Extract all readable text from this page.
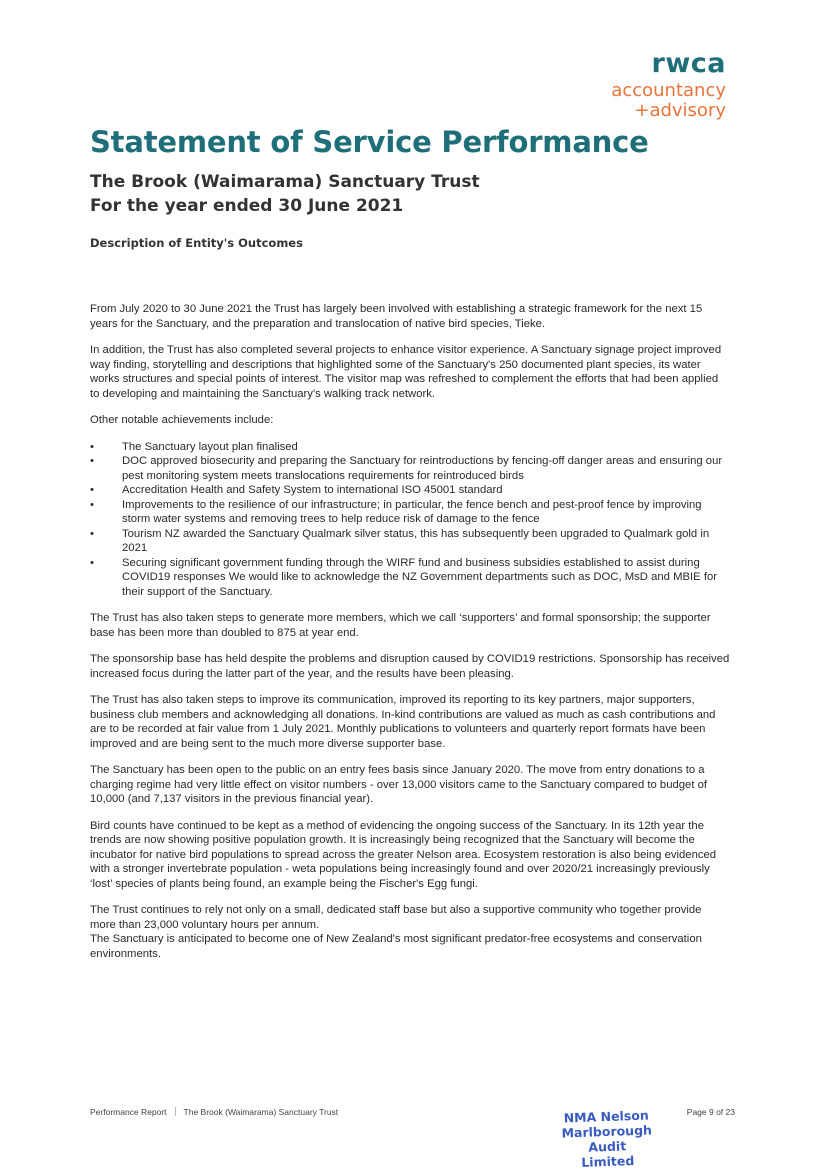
rwca
accountancy
+advisory
Statement of Service Performance
The Brook (Waimarama) Sanctuary Trust
For the year ended 30 June 2021
Description of Entity's Outcomes

From July 2020 to 30 June 2021 the Trust has largely been involved with establishing a strategic framework for the next 15 years for the Sanctuary, and the preparation and translocation of native bird species, Tieke.

In addition, the Trust has also completed several projects to enhance visitor experience. A Sanctuary signage project improved way finding, storytelling and descriptions that highlighted some of the Sanctuary's 250 documented plant species, its water works structures and special points of interest. The visitor map was refreshed to complement the efforts that had been applied to developing and maintaining the Sanctuary's walking track network.

Other notable achievements include:

• The Sanctuary layout plan finalised
• DOC approved biosecurity and preparing the Sanctuary for reintroductions by fencing-off danger areas and ensuring our pest monitoring system meets translocations requirements for reintroduced birds
• Accreditation Health and Safety System to international ISO 45001 standard
• Improvements to the resilience of our infrastructure; in particular, the fence bench and pest-proof fence by improving storm water systems and removing trees to help reduce risk of damage to the fence
• Tourism NZ awarded the Sanctuary Qualmark silver status, this has subsequently been upgraded to Qualmark gold in 2021
• Securing significant government funding through the WIRF fund and business subsidies established to assist during COVID19 responses We would like to acknowledge the NZ Government departments such as DOC, MsD and MBIE for their support of the Sanctuary.

The Trust has also taken steps to generate more members, which we call ‘supporters’ and formal sponsorship; the supporter base has been more than doubled to 875 at year end.

The sponsorship base has held despite the problems and disruption caused by COVID19 restrictions. Sponsorship has received increased focus during the latter part of the year, and the results have been pleasing.

The Trust has also taken steps to improve its communication, improved its reporting to its key partners, major supporters, business club members and acknowledging all donations. In-kind contributions are valued as much as cash contributions and are to be recorded at fair value from 1 July 2021. Monthly publications to volunteers and quarterly report formats have been improved and are being sent to the much more diverse supporter base.

The Sanctuary has been open to the public on an entry fees basis since January 2020. The move from entry donations to a charging regime had very little effect on visitor numbers - over 13,000 visitors came to the Sanctuary compared to budget of 10,000 (and 7,137 visitors in the previous financial year).

Bird counts have continued to be kept as a method of evidencing the ongoing success of the Sanctuary. In its 12th year the trends are now showing positive population growth. It is increasingly being recognized that the Sanctuary will become the incubator for native bird populations to spread across the greater Nelson area. Ecosystem restoration is also being evidenced with a stronger invertebrate population - weta populations being increasingly found and over 2020/21 increasingly previously ‘lost’ species of plants being found, an example being the Fischer's Egg fungi.

The Trust continues to rely not only on a small, dedicated staff base but also a supportive community who together provide more than 23,000 voluntary hours per annum.
The Sanctuary is anticipated to become one of New Zealand's most significant predator-free ecosystems and conservation environments.

Performance Report The Brook (Waimarama) Sanctuary Trust	NMA Nelson
Marlborough Audit
Limited
Page 9 of 23
